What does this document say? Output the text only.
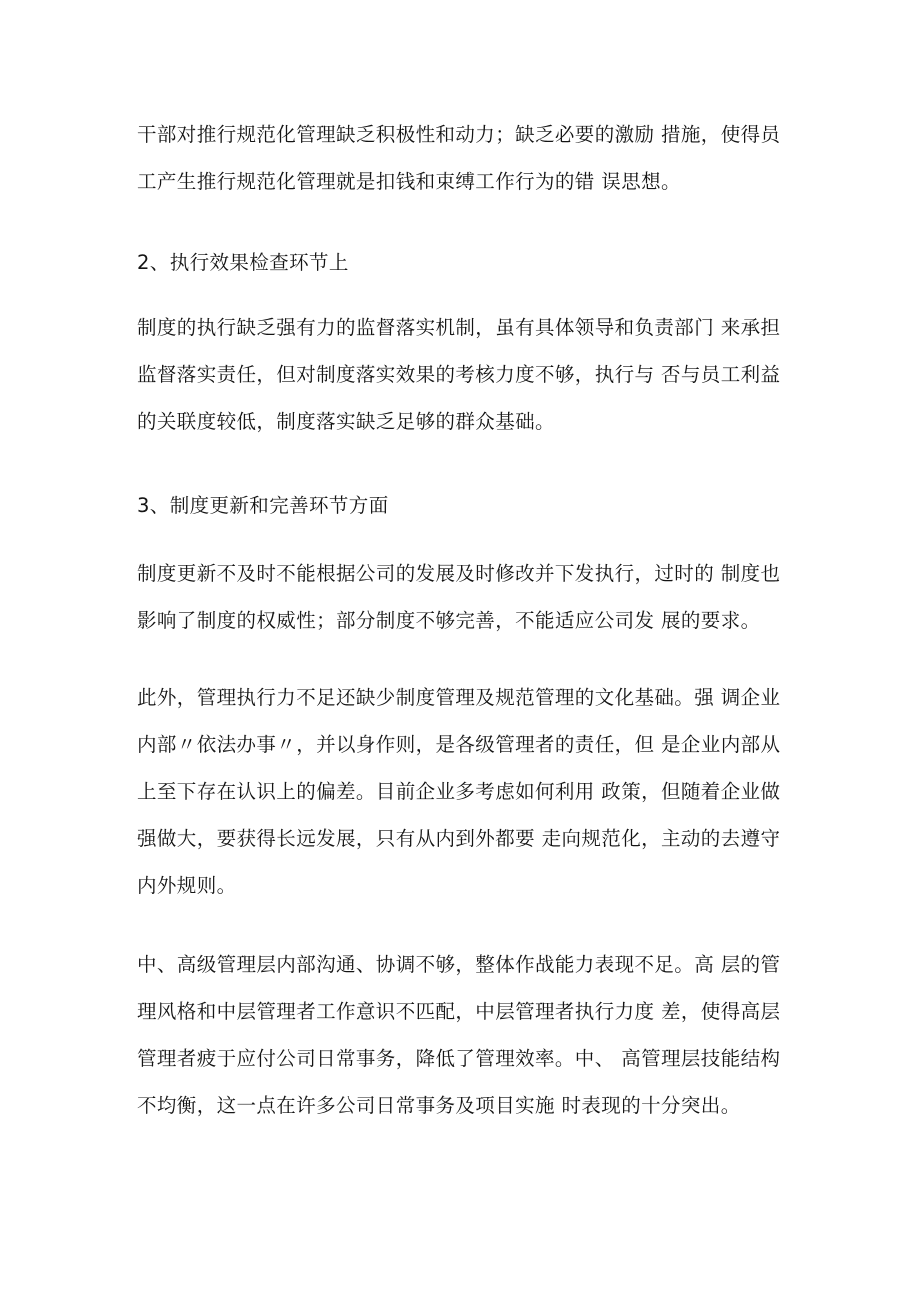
干部对推行规范化管理缺乏积极性和动力；缺乏必要的激励 措施，使得员
工产生推行规范化管理就是扣钱和束缚工作行为的错 误思想。

2、执行效果检查环节上

制度的执行缺乏强有力的监督落实机制，虽有具体领导和负责部门 来承担
监督落实责任，但对制度落实效果的考核力度不够，执行与 否与员工利益
的关联度较低，制度落实缺乏足够的群众基础。

3、制度更新和完善环节方面

制度更新不及时不能根据公司的发展及时修改并下发执行，过时的 制度也
影响了制度的权威性；部分制度不够完善，不能适应公司发 展的要求。

此外，管理执行力不足还缺少制度管理及规范管理的文化基础。强 调企业
内部〃依法办事〃，并以身作则，是各级管理者的责任，但 是企业内部从
上至下存在认识上的偏差。目前企业多考虑如何利用 政策，但随着企业做
强做大，要获得长远发展，只有从内到外都要 走向规范化，主动的去遵守
内外规则。

中、高级管理层内部沟通、协调不够，整体作战能力表现不足。高 层的管
理风格和中层管理者工作意识不匹配，中层管理者执行力度 差，使得高层
管理者疲于应付公司日常事务，降低了管理效率。中、 高管理层技能结构
不均衡，这一点在许多公司日常事务及项目实施 时表现的十分突出。
